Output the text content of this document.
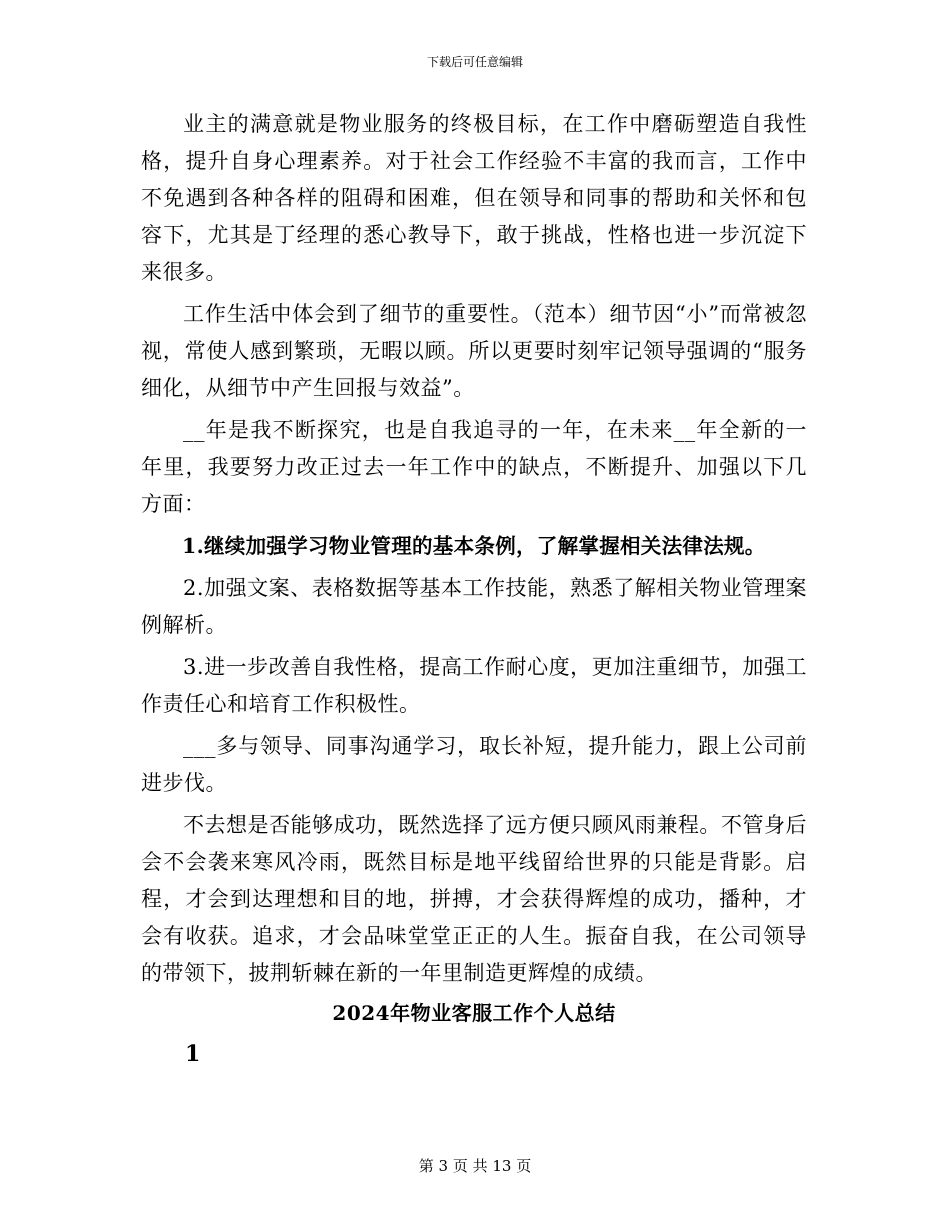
下载后可任意编辑

业主的满意就是物业服务的终极目标，在工作中磨砺塑造自我性格，提升自身心理素养。对于社会工作经验不丰富的我而言，工作中不免遇到各种各样的阻碍和困难，但在领导和同事的帮助和关怀和包容下，尤其是丁经理的悉心教导下，敢于挑战，性格也进一步沉淀下来很多。

工作生活中体会到了细节的重要性。（范本）细节因“小”而常被忽视，常使人感到繁琐，无暇以顾。所以更要时刻牢记领导强调的“服务细化，从细节中产生回报与效益”。

__年是我不断探究，也是自我追寻的一年，在未来__年全新的一年里，我要努力改正过去一年工作中的缺点，不断提升、加强以下几方面：

1.继续加强学习物业管理的基本条例，了解掌握相关法律法规。

2.加强文案、表格数据等基本工作技能，熟悉了解相关物业管理案例解析。

3.进一步改善自我性格，提高工作耐心度，更加注重细节，加强工作责任心和培育工作积极性。

___多与领导、同事沟通学习，取长补短，提升能力，跟上公司前进步伐。

不去想是否能够成功，既然选择了远方便只顾风雨兼程。不管身后会不会袭来寒风冷雨，既然目标是地平线留给世界的只能是背影。启程，才会到达理想和目的地，拼搏，才会获得辉煌的成功，播种，才会有收获。追求，才会品味堂堂正正的人生。振奋自我，在公司领导的带领下，披荆斩棘在新的一年里制造更辉煌的成绩。

2024年物业客服工作个人总结
1
第 3 页 共 13 页
